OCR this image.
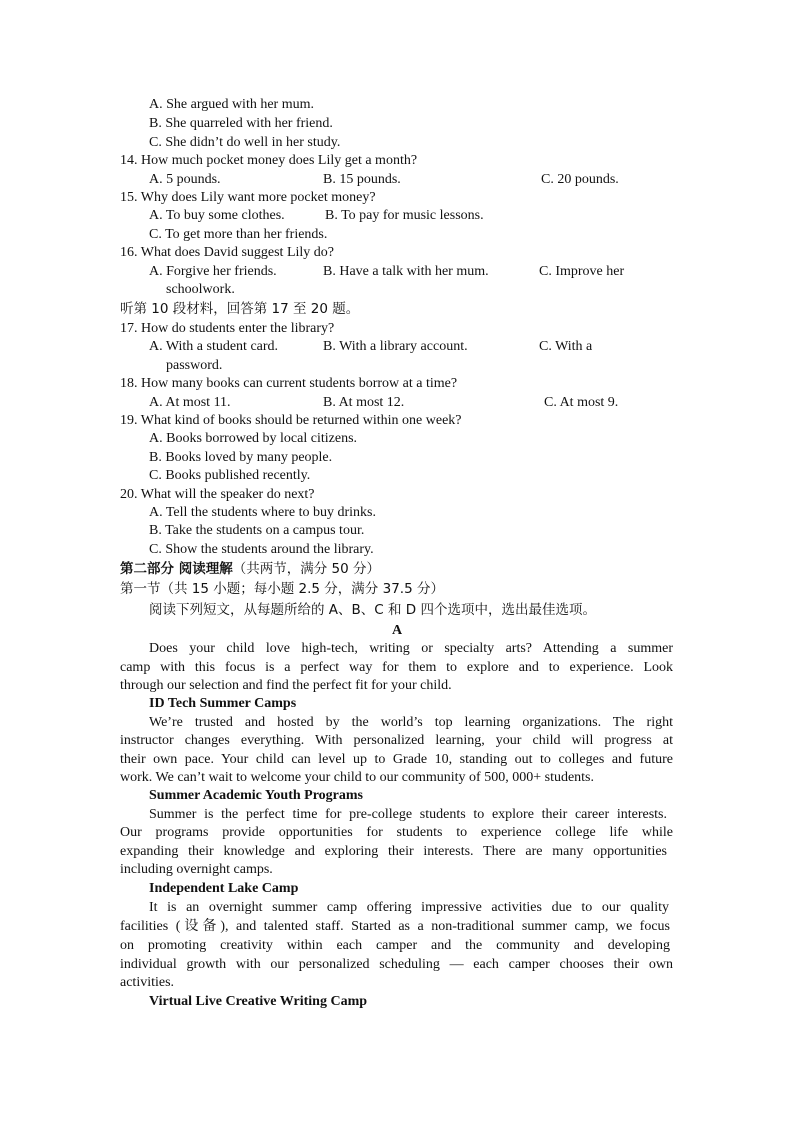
A. She argued with her mum.
B. She quarreled with her friend.
C. She didn’t do well in her study.
14. How much pocket money does Lily get a month?
A. 5 pounds.	B. 15 pounds.	C. 20 pounds.
15. Why does Lily want more pocket money?
A. To buy some clothes.	B. To pay for music lessons.
C. To get more than her friends.
16. What does David suggest Lily do?
A. Forgive her friends.	B. Have a talk with her mum.	C. Improve her
schoolwork.
听第 10 段材料，回答第 17 至 20 题。
17. How do students enter the library?
A. With a student card.	B. With a library account.	C. With a
password.
18. How many books can current students borrow at a time?
A. At most 11.	B. At most 12.	C. At most 9.
19. What kind of books should be returned within one week?
A. Books borrowed by local citizens.
B. Books loved by many people.
C. Books published recently.
20. What will the speaker do next?
A. Tell the students where to buy drinks.
B. Take the students on a campus tour.
C. Show the students around the library.
第二部分 阅读理解（共两节，满分 50 分）
第一节（共 15 小题；每小题 2.5 分，满分 37.5 分）
阅读下列短文，从每题所给的 A、B、C 和 D 四个选项中，选出最佳选项。
A
Does your child love high-tech, writing or specialty arts? Attending a summer
camp with this focus is a perfect way for them to explore and to experience. Look
through our selection and find the perfect fit for your child.
ID Tech Summer Camps
We’re trusted and hosted by the world’s top learning organizations. The right
instructor changes everything. With personalized learning, your child will progress at
their own pace. Your child can level up to Grade 10, standing out to colleges and future
work. We can’t wait to welcome your child to our community of 500, 000+ students.
Summer Academic Youth Programs
Summer is the perfect time for pre-college students to explore their career interests.
Our programs provide opportunities for students to experience college life while
expanding their knowledge and exploring their interests. There are many opportunities
including overnight camps.
Independent Lake Camp
It is an overnight summer camp offering impressive activities due to our quality
facilities (设备), and talented staff. Started as a non-traditional summer camp, we focus
on promoting creativity within each camper and the community and developing
individual growth with our personalized scheduling — each camper chooses their own
activities.
Virtual Live Creative Writing Camp
